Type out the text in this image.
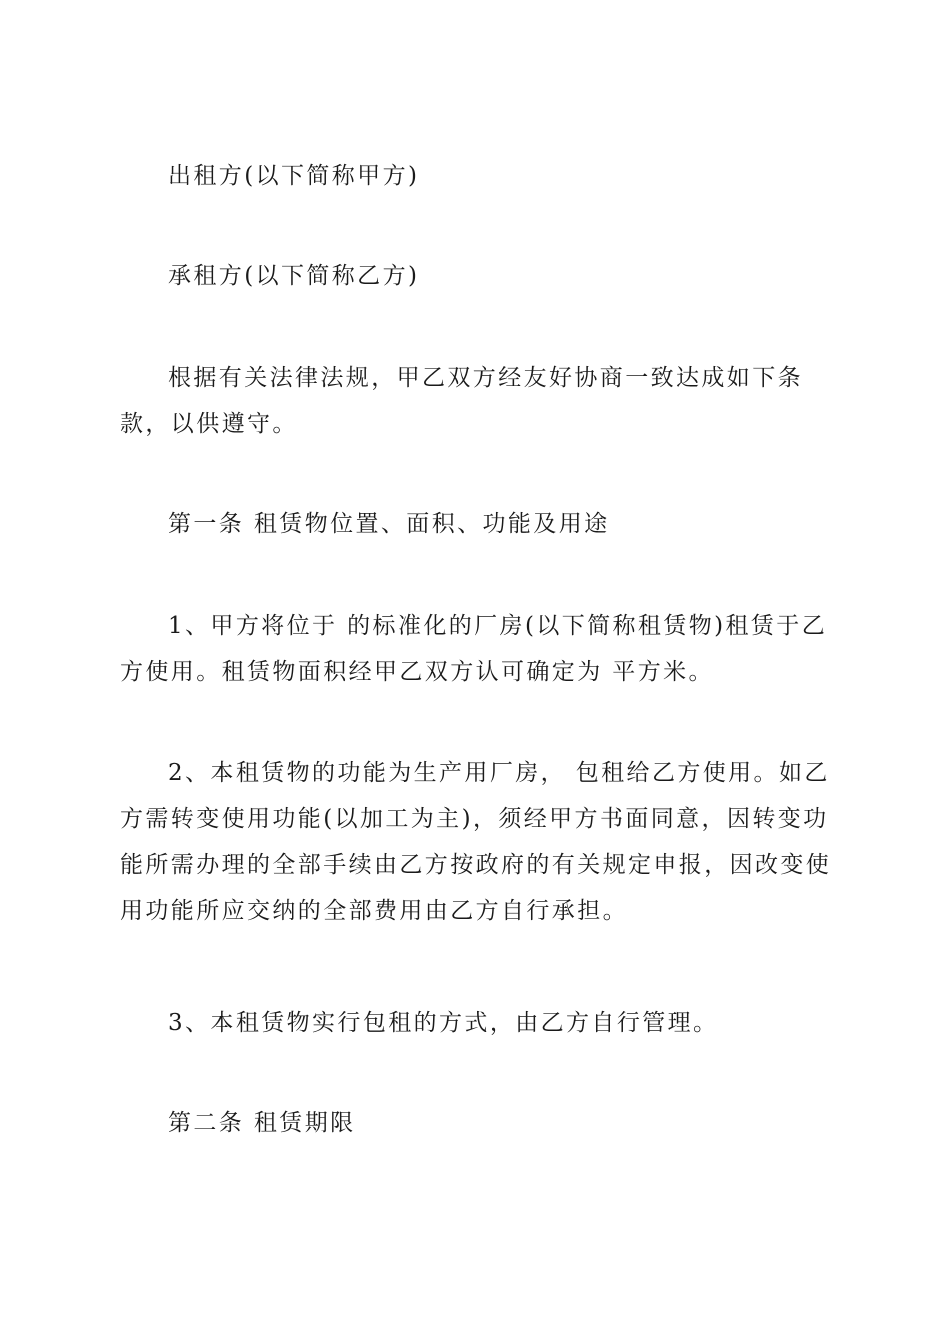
出租方(以下简称甲方)

承租方(以下简称乙方)

根据有关法律法规，甲乙双方经友好协商一致达成如下条款，以供遵守。

第一条 租赁物位置、面积、功能及用途

1、甲方将位于 的标准化的厂房(以下简称租赁物)租赁于乙方使用。租赁物面积经甲乙双方认可确定为 平方米。

2、本租赁物的功能为生产用厂房， 包租给乙方使用。如乙方需转变使用功能(以加工为主)，须经甲方书面同意，因转变功能所需办理的全部手续由乙方按政府的有关规定申报，因改变使用功能所应交纳的全部费用由乙方自行承担。

3、本租赁物实行包租的方式，由乙方自行管理。

第二条 租赁期限
